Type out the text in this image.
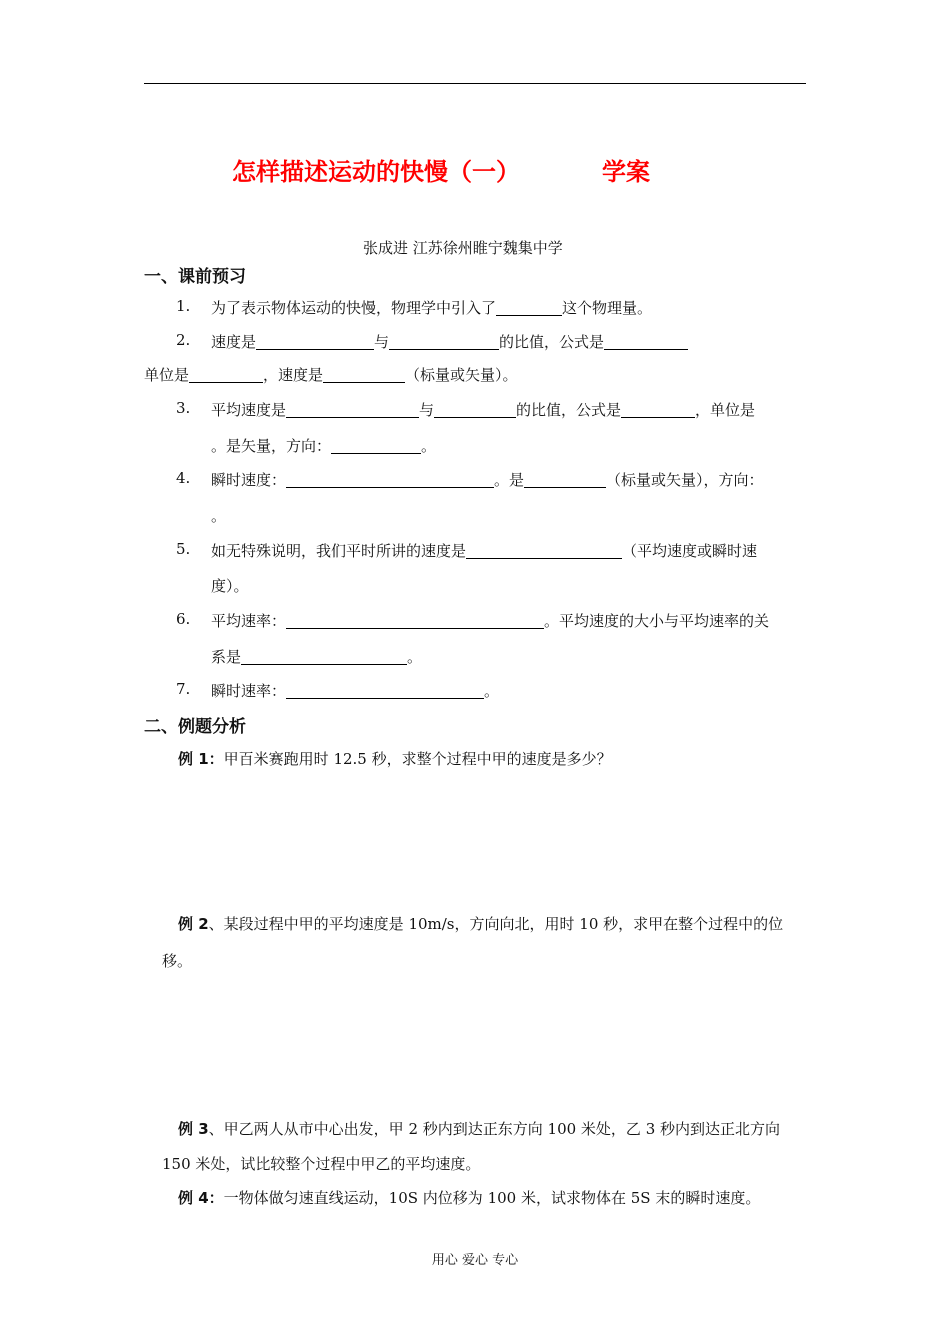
怎样描述运动的快慢（一）	学案
张成进 江苏徐州睢宁魏集中学
一、课前预习
1. 为了表示物体运动的快慢，物理学中引入了	这个物理量。
2. 速度是	与	的比值，公式是
单位是	，速度是	（标量或矢量）。
3. 平均速度是	与	的比值，公式是	，单位是
。是矢量，方向：	。
4. 瞬时速度：	。是	（标量或矢量），方向：
。
5. 如无特殊说明，我们平时所讲的速度是	（平均速度或瞬时速
度）。
6. 平均速率：	。平均速度的大小与平均速率的关
系是	。
7. 瞬时速率：	。
二、例题分析
例 1：甲百米赛跑用时 12.5 秒，求整个过程中甲的速度是多少？
例 2、某段过程中甲的平均速度是 10m/s，方向向北，用时 10 秒，求甲在整个过程中的位
移。
例 3、甲乙两人从市中心出发，甲 2 秒内到达正东方向 100 米处，乙 3 秒内到达正北方向
150 米处，试比较整个过程中甲乙的平均速度。
例 4：一物体做匀速直线运动，10S 内位移为 100 米，试求物体在 5S 末的瞬时速度。
用心 爱心 专心
